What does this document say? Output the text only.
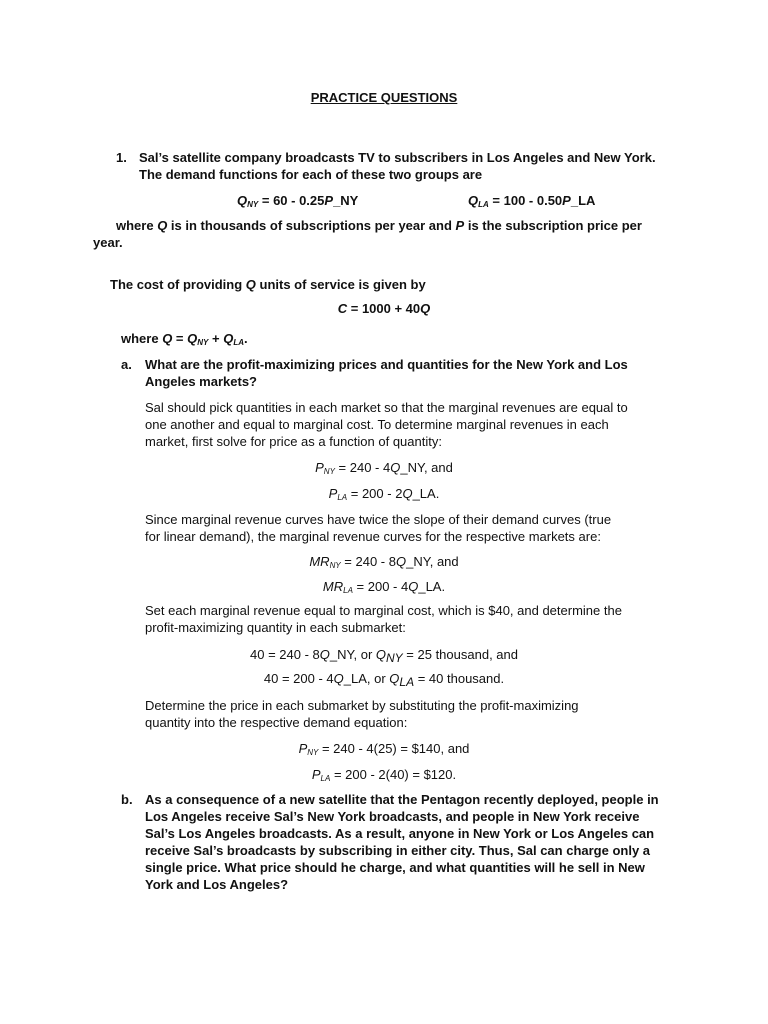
PRACTICE QUESTIONS
1. Sal’s satellite company broadcasts TV to subscribers in Los Angeles and New York.
The demand functions for each of these two groups are
$Q_{NY} = 60$ - 0.25P_NY	$Q_{LA} = 100$ - 0.50P_LA
where Q is in thousands of subscriptions per year and P is the subscription price per
year.
The cost of providing Q units of service is given by
C = 1000 + 40Q
where $Q = Q_{NY} + Q_{LA}$.
a. What are the profit-maximizing prices and quantities for the New York and Los
Angeles markets?
Sal should pick quantities in each market so that the marginal revenues are equal to
one another and equal to marginal cost. To determine marginal revenues in each
market, first solve for price as a function of quantity:
$P_{NY} = 240$ - 4Q_NY, and
$P_{LA} = 200$ - 2Q_LA.
Since marginal revenue curves have twice the slope of their demand curves (true
for linear demand), the marginal revenue curves for the respective markets are:
$MR_{NY} = 240$ - 8Q_NY, and
$MR_{LA} = 200$ - 4Q_LA.
Set each marginal revenue equal to marginal cost, which is $40, and determine the
profit-maximizing quantity in each submarket:
40 = 240 - 8Q_NY, or $Q_{NY} = 25$ thousand, and
40 = 200 - 4Q_LA, or $Q_{LA} = 40$ thousand.
Determine the price in each submarket by substituting the profit-maximizing
quantity into the respective demand equation:
$P_{NY} = 240 - 4(25)$ = $140, and
$P_{LA} = 200 - 2(40)$ = $120.
b. As a consequence of a new satellite that the Pentagon recently deployed, people in
Los Angeles receive Sal’s New York broadcasts, and people in New York receive
Sal’s Los Angeles broadcasts. As a result, anyone in New York or Los Angeles can
receive Sal’s broadcasts by subscribing in either city. Thus, Sal can charge only a
single price. What price should he charge, and what quantities will he sell in New
York and Los Angeles?
